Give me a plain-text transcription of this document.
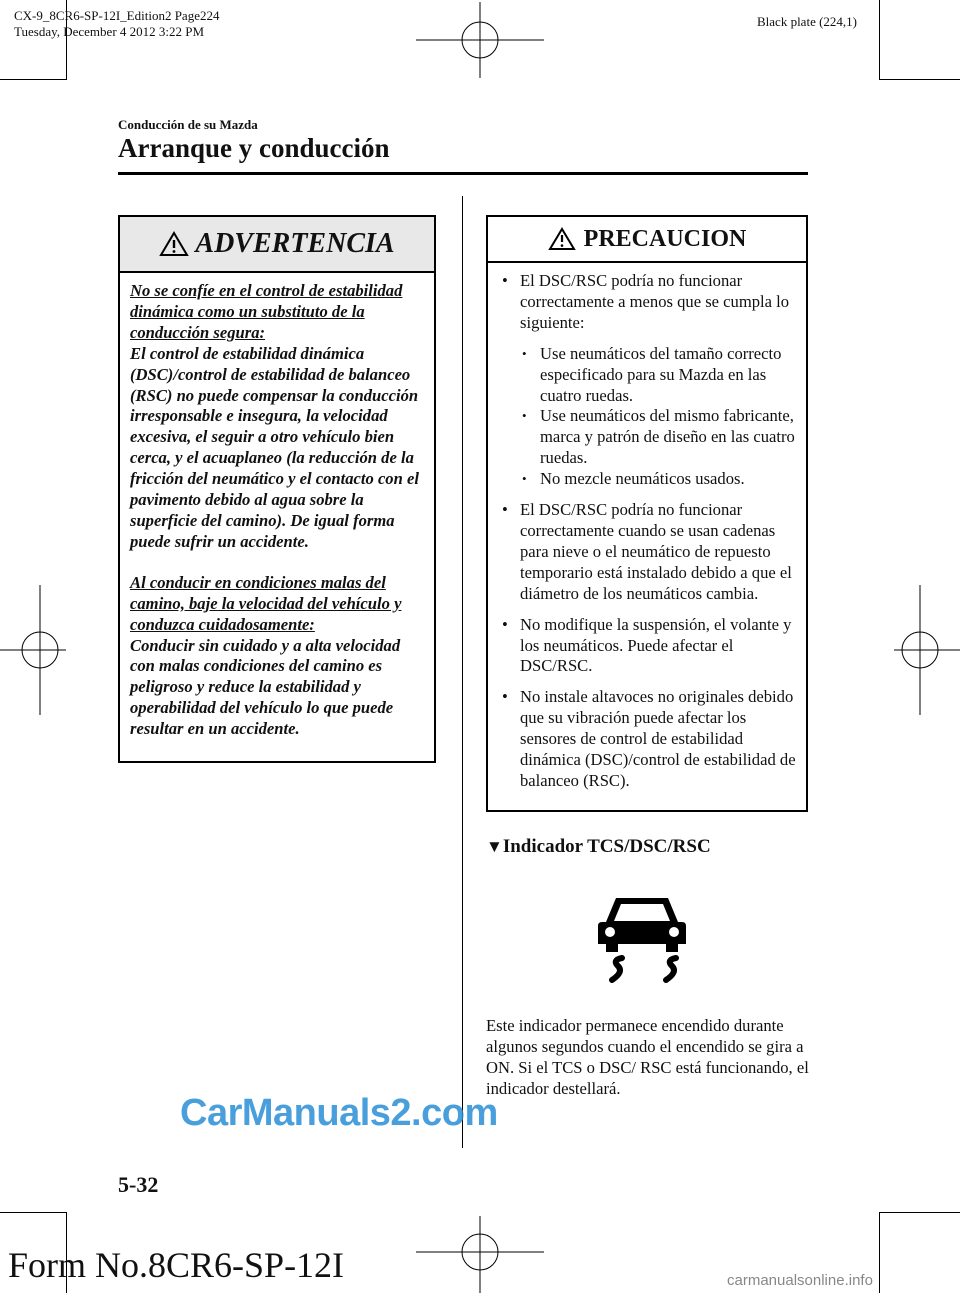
CX-9_8CR6-SP-12I_Edition2 Page224
Tuesday, December 4 2012 3:22 PM
Black plate (224,1)
Conducción de su Mazda
Arranque y conducción
ADVERTENCIA

No se confíe en el control de estabilidad dinámica como un substituto de la conducción segura:

El control de estabilidad dinámica (DSC)/control de estabilidad de balanceo (RSC) no puede compensar la conducción irresponsable e insegura, la velocidad excesiva, el seguir a otro vehículo bien cerca, y el acuaplaneo (la reducción de la fricción del neumático y el contacto con el pavimento debido al agua sobre la superficie del camino). De igual forma puede sufrir un accidente.

Al conducir en condiciones malas del camino, baje la velocidad del vehículo y conduzca cuidadosamente:

Conducir sin cuidado y a alta velocidad con malas condiciones del camino es peligroso y reduce la estabilidad y operabilidad del vehículo lo que puede resultar en un accidente.

PRECAUCION
• El DSC/RSC podría no funcionar correctamente a menos que se cumpla lo siguiente:
• Use neumáticos del tamaño correcto especificado para su Mazda en las cuatro ruedas.
• Use neumáticos del mismo fabricante, marca y patrón de diseño en las cuatro ruedas.
• No mezcle neumáticos usados.
• El DSC/RSC podría no funcionar correctamente cuando se usan cadenas para nieve o el neumático de repuesto temporario está instalado debido a que el diámetro de los neumáticos cambia.
• No modifique la suspensión, el volante y los neumáticos. Puede afectar el DSC/RSC.
• No instale altavoces no originales debido que su vibración puede afectar los sensores de control de estabilidad dinámica (DSC)/control de estabilidad de balanceo (RSC).
▼Indicador TCS/DSC/RSC
Este indicador permanece encendido durante algunos segundos cuando el encendido se gira a ON. Si el TCS o DSC/ RSC está funcionando, el indicador destellará.
5-32
Form No.8CR6-SP-12I
CarManuals2.com
carmanualsonline.info
